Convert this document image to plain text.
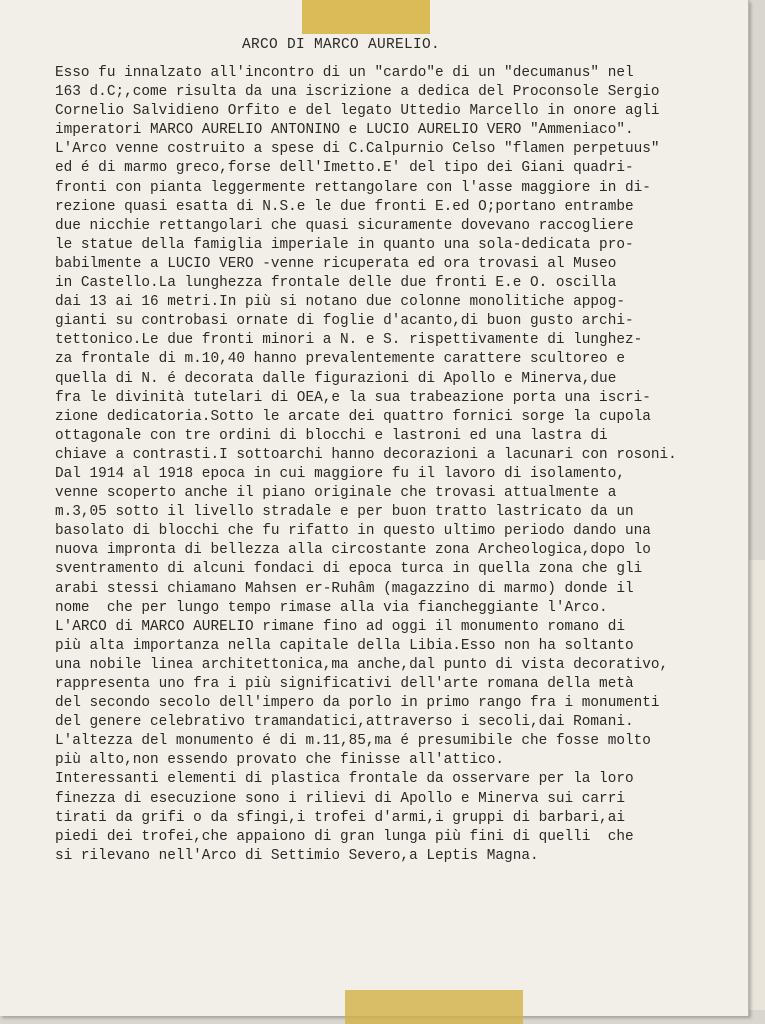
ARCO DI MARCO AURELIO.
Esso fu innalzato all'incontro di un "cardo"e di un "decumanus" nel
163 d.C;,come risulta da una iscrizione a dedica del Proconsole Sergio
Cornelio Salvidieno Orfito e del legato Uttedio Marcello in onore agli
imperatori MARCO AURELIO ANTONINO e LUCIO AURELIO VERO "Ammeniaco".
L'Arco venne costruito a spese di C.Calpurnio Celso "flamen perpetuus"
ed é di marmo greco,forse dell'Imetto.E' del tipo dei Giani quadri-
fronti con pianta leggermente rettangolare con l'asse maggiore in di-
rezione quasi esatta di N.S.e le due fronti E.ed O;portano entrambe
due nicchie rettangolari che quasi sicuramente dovevano raccogliere
le statue della famiglia imperiale in quanto una sola-dedicata pro-
babilmente a LUCIO VERO -venne ricuperata ed ora trovasi al Museo
in Castello.La lunghezza frontale delle due fronti E.e O. oscilla
dai 13 ai 16 metri.In più si notano due colonne monolitiche appog-
gianti su controbasi ornate di foglie d'acanto,di buon gusto archi-
tettonico.Le due fronti minori a N. e S. rispettivamente di lunghez-
za frontale di m.10,40 hanno prevalentemente carattere scultoreo e
quella di N. é decorata dalle figurazioni di Apollo e Minerva,due
fra le divinità tutelari di OEA,e la sua trabeazione porta una iscri-
zione dedicatoria.Sotto le arcate dei quattro fornici sorge la cupola
ottagonale con tre ordini di blocchi e lastroni ed una lastra di
chiave a contrasti.I sottoarchi hanno decorazioni a lacunari con rosoni.
Dal 1914 al 1918 epoca in cui maggiore fu il lavoro di isolamento,
venne scoperto anche il piano originale che trovasi attualmente a
m.3,05 sotto il livello stradale e per buon tratto lastricato da un
basolato di blocchi che fu rifatto in questo ultimo periodo dando una
nuova impronta di bellezza alla circostante zona Archeologica,dopo lo
sventramento di alcuni fondaci di epoca turca in quella zona che gli
arabi stessi chiamano Mahsen er-Ruhâm (magazzino di marmo) donde il
nome  che per lungo tempo rimase alla via fiancheggiante l'Arco.
L'ARCO di MARCO AURELIO rimane fino ad oggi il monumento romano di
più alta importanza nella capitale della Libia.Esso non ha soltanto
una nobile linea architettonica,ma anche,dal punto di vista decorativo,
rappresenta uno fra i più significativi dell'arte romana della metà
del secondo secolo dell'impero da porlo in primo rango fra i monumenti
del genere celebrativo tramandatici,attraverso i secoli,dai Romani.
L'altezza del monumento é di m.11,85,ma é presumibile che fosse molto
più alto,non essendo provato che finisse all'attico.
Interessanti elementi di plastica frontale da osservare per la loro
finezza di esecuzione sono i rilievi di Apollo e Minerva sui carri
tirati da grifi o da sfingi,i trofei d'armi,i gruppi di barbari,ai
piedi dei trofei,che appaiono di gran lunga più fini di quelli  che
si rilevano nell'Arco di Settimio Severo,a Leptis Magna.
